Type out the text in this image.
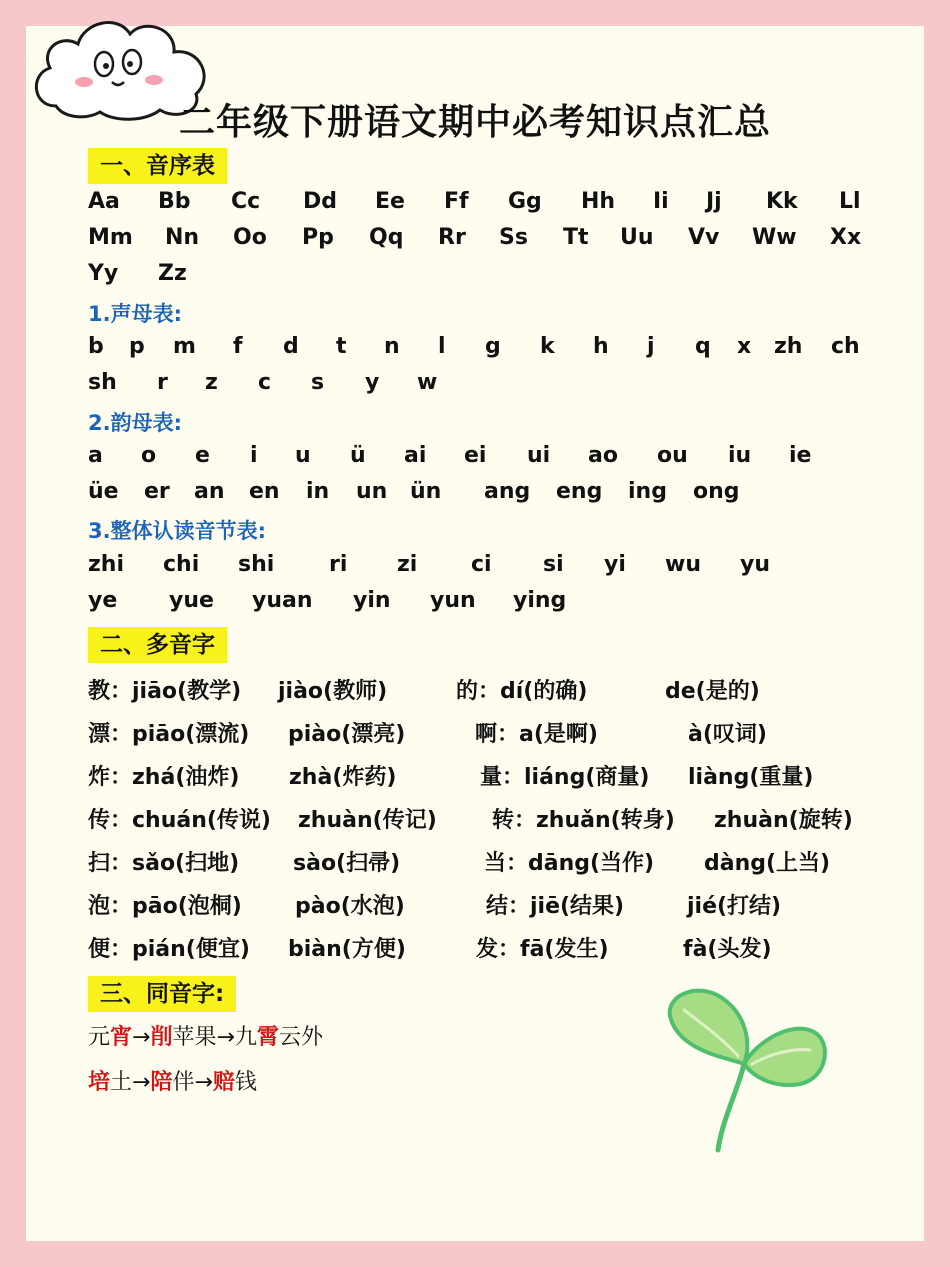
二年级下册语文期中必考知识点汇总
一、音序表
Aa Bb Cc Dd Ee Ff Gg Hh Ii Jj Kk Ll
Mm Nn Oo Pp Qq Rr Ss Tt Uu Vv Ww Xx
Yy Zz
1.声母表:
b p m f d t n l g k h j q x zh ch
sh r z c s y w
2.韵母表:
a o e i u ü ai ei ui ao ou iu ie
üe er an en in un ün ang eng ing ong
3.整体认读音节表:
zhi chi shi ri zi ci si yi wu yu
ye yue yuan yin yun ying
二、多音字
教：jiāo(教学) jiào(教师)	的：dí(的确)	de(是的)
漂：piāo(漂流) piào(漂亮)	啊：a(是啊)	à(叹词)
炸：zhá(油炸) zhà(炸药)	量：liáng(商量) liàng(重量)
传：chuán(传说) zhuàn(传记)	转：zhuǎn(转身) zhuàn(旋转)
扫：sǎo(扫地) sào(扫帚)	当：dāng(当作) dàng(上当)
泡：pāo(泡桐) pào(水泡)	结：jiē(结果)	jié(打结)
便：pián(便宜) biàn(方便)	发：fā(发生)	fà(头发)
三、同音字:
元宵→削苹果→九霄云外
培土→陪伴→赔钱
